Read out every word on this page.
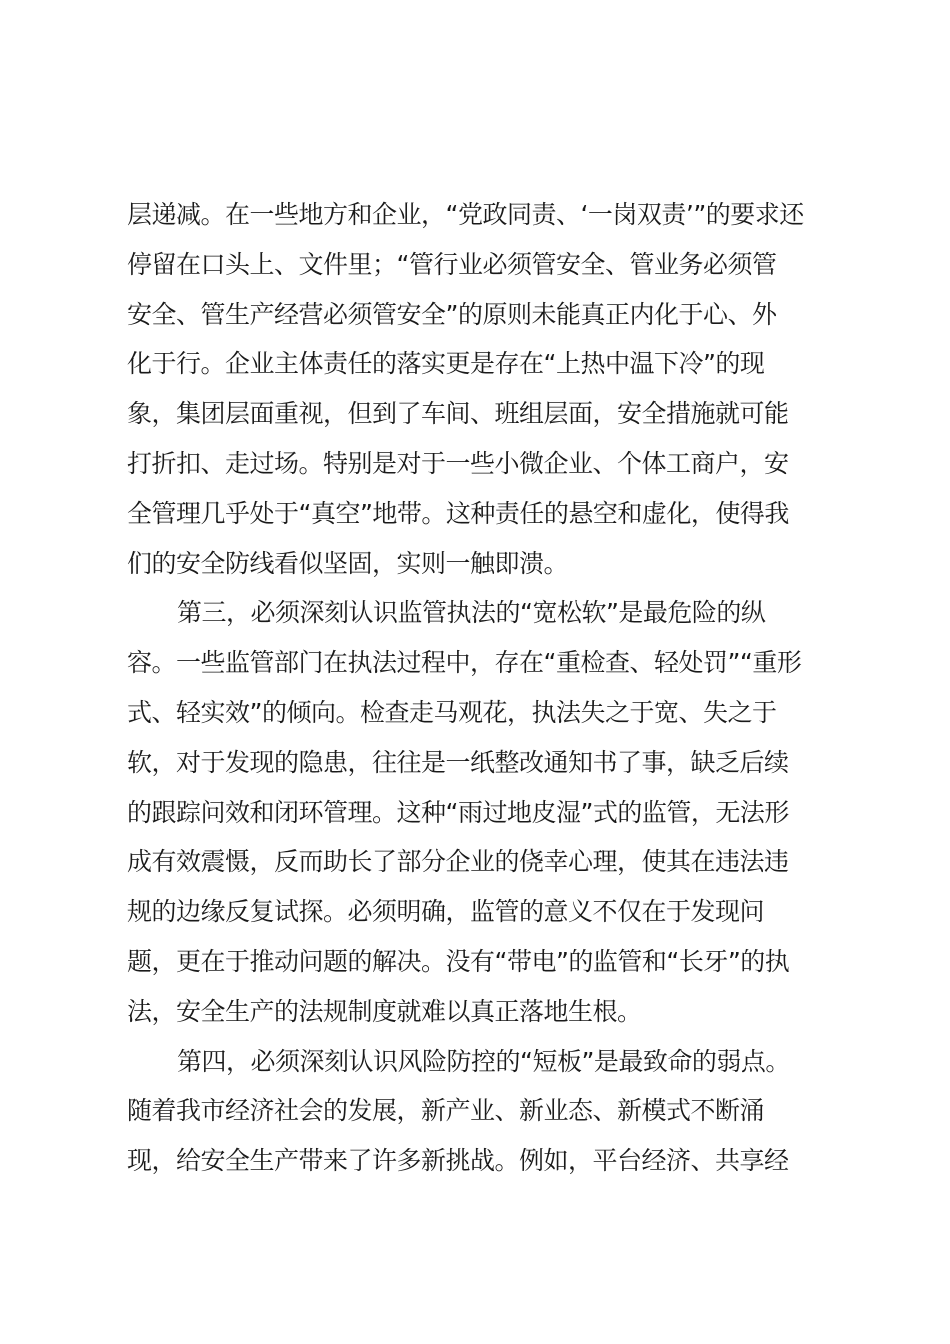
层递减。在一些地方和企业，“党政同责、‘一岗双责’”的要求还
停留在口头上、文件里；“管行业必须管安全、管业务必须管
安全、管生产经营必须管安全”的原则未能真正内化于心、外
化于行。企业主体责任的落实更是存在“上热中温下冷”的现
象，集团层面重视，但到了车间、班组层面，安全措施就可能
打折扣、走过场。特别是对于一些小微企业、个体工商户，安
全管理几乎处于“真空”地带。这种责任的悬空和虚化，使得我
们的安全防线看似坚固，实则一触即溃。
第三，必须深刻认识监管执法的“宽松软”是最危险的纵
容。一些监管部门在执法过程中，存在“重检查、轻处罚”“重形
式、轻实效”的倾向。检查走马观花，执法失之于宽、失之于
软，对于发现的隐患，往往是一纸整改通知书了事，缺乏后续
的跟踪问效和闭环管理。这种“雨过地皮湿”式的监管，无法形
成有效震慑，反而助长了部分企业的侥幸心理，使其在违法违
规的边缘反复试探。必须明确，监管的意义不仅在于发现问
题，更在于推动问题的解决。没有“带电”的监管和“长牙”的执
法，安全生产的法规制度就难以真正落地生根。
第四，必须深刻认识风险防控的“短板”是最致命的弱点。
随着我市经济社会的发展，新产业、新业态、新模式不断涌
现，给安全生产带来了许多新挑战。例如，平台经济、共享经
